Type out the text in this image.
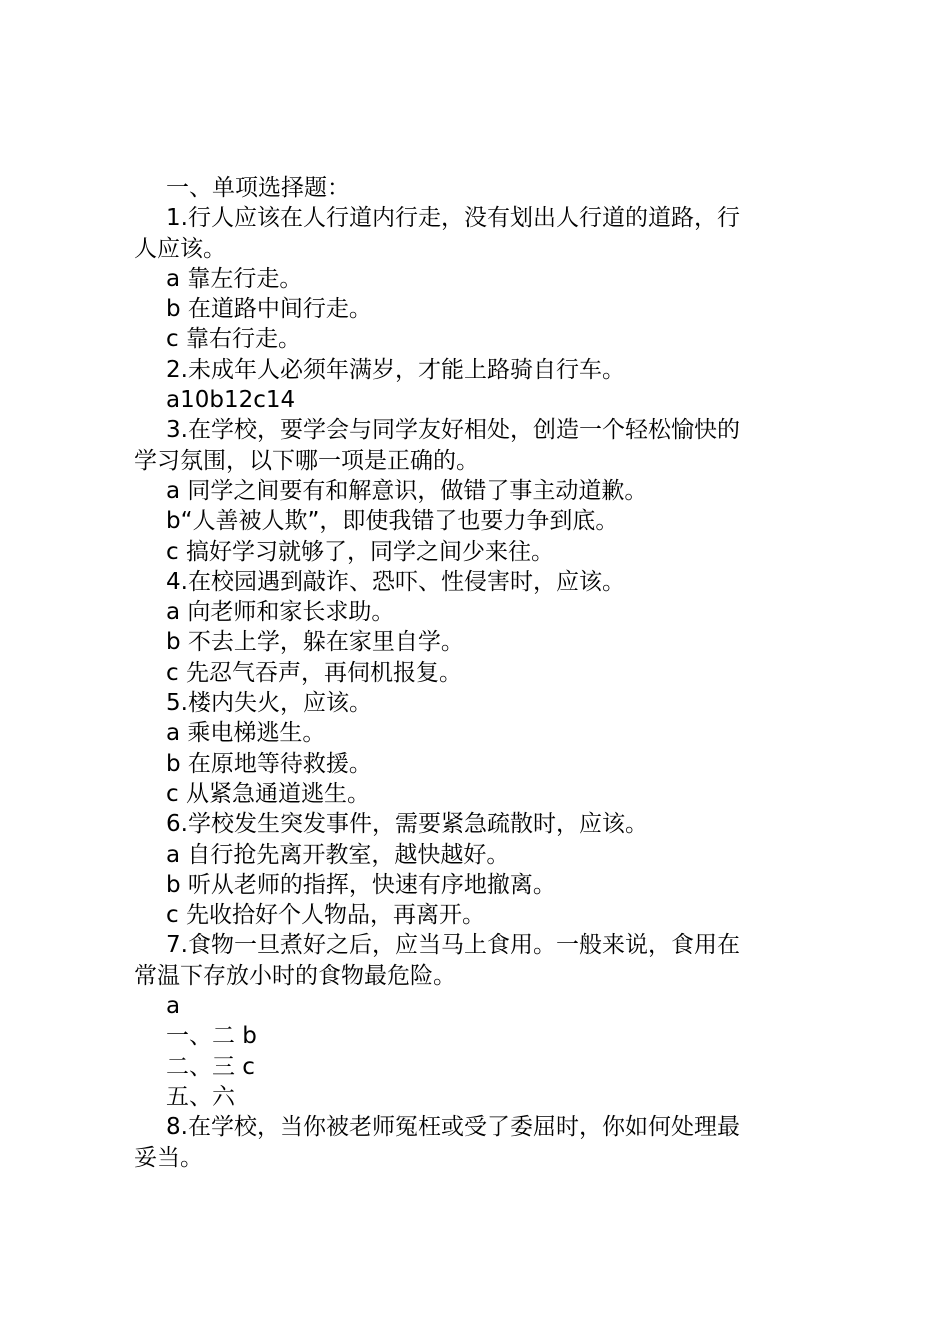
一、单项选择题：
1.行人应该在人行道内行走，没有划出人行道的道路，行
人应该。
a 靠左行走。
b 在道路中间行走。
c 靠右行走。
2.未成年人必须年满岁，才能上路骑自行车。
a10b12c14
3.在学校，要学会与同学友好相处，创造一个轻松愉快的
学习氛围，以下哪一项是正确的。
a 同学之间要有和解意识，做错了事主动道歉。
b“人善被人欺”，即使我错了也要力争到底。
c 搞好学习就够了，同学之间少来往。
4.在校园遇到敲诈、恐吓、性侵害时，应该。
a 向老师和家长求助。
b 不去上学，躲在家里自学。
c 先忍气吞声，再伺机报复。
5.楼内失火，应该。
a 乘电梯逃生。
b 在原地等待救援。
c 从紧急通道逃生。
6.学校发生突发事件，需要紧急疏散时，应该。
a 自行抢先离开教室，越快越好。
b 听从老师的指挥，快速有序地撤离。
c 先收拾好个人物品，再离开。
7.食物一旦煮好之后，应当马上食用。一般来说，食用在
常温下存放小时的食物最危险。
a
一、二 b
二、三 c
五、六
8.在学校，当你被老师冤枉或受了委屈时，你如何处理最
妥当。
